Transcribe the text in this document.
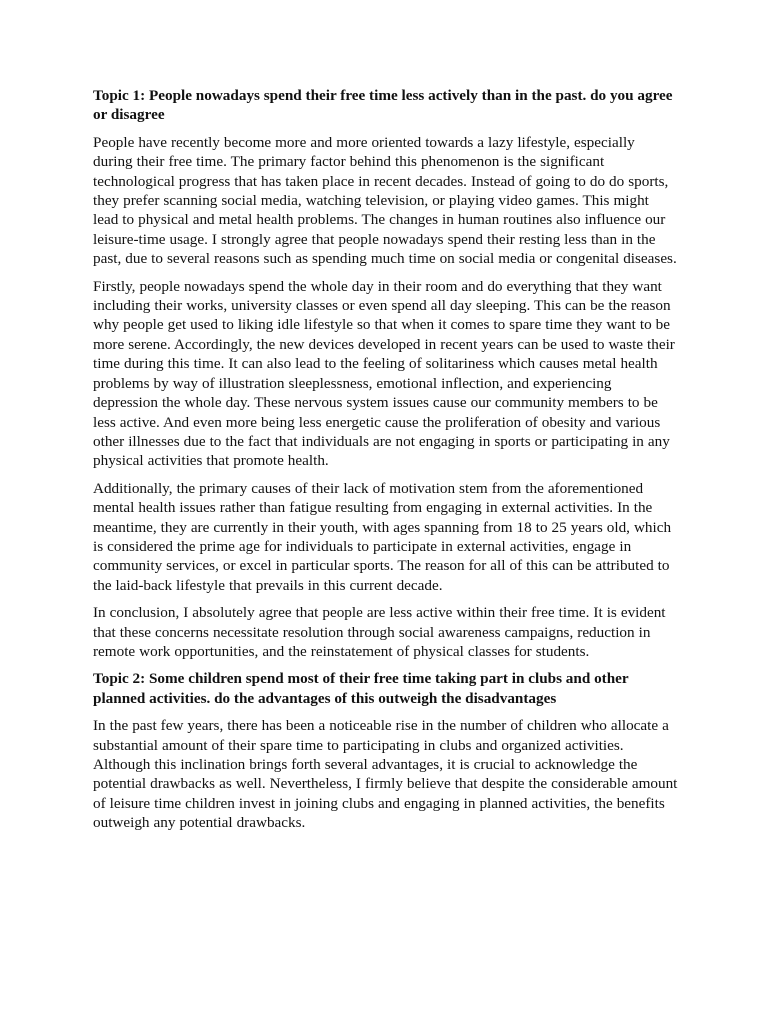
Topic 1: People nowadays spend their free time less actively than in the past. do you agree or disagree

People have recently become more and more oriented towards a lazy lifestyle, especially during their free time. The primary factor behind this phenomenon is the significant technological progress that has taken place in recent decades. Instead of going to do do sports, they prefer scanning social media, watching television, or playing video games. This might lead to physical and metal health problems. The changes in human routines also influence our leisure-time usage. I strongly agree that people nowadays spend their resting less than in the past, due to several reasons such as spending much time on social media or congenital diseases.

Firstly, people nowadays spend the whole day in their room and do everything that they want including their works, university classes or even spend all day sleeping. This can be the reason why people get used to liking idle lifestyle so that when it comes to spare time they want to be more serene. Accordingly, the new devices developed in recent years can be used to waste their time during this time. It can also lead to the feeling of solitariness which causes metal health problems by way of illustration sleeplessness, emotional inflection, and experiencing depression the whole day. These nervous system issues cause our community members to be less active. And even more being less energetic cause the proliferation of obesity and various other illnesses due to the fact that individuals are not engaging in sports or participating in any physical activities that promote health.

Additionally, the primary causes of their lack of motivation stem from the aforementioned mental health issues rather than fatigue resulting from engaging in external activities. In the meantime, they are currently in their youth, with ages spanning from 18 to 25 years old, which is considered the prime age for individuals to participate in external activities, engage in community services, or excel in particular sports. The reason for all of this can be attributed to the laid-back lifestyle that prevails in this current decade.

In conclusion, I absolutely agree that people are less active within their free time. It is evident that these concerns necessitate resolution through social awareness campaigns, reduction in remote work opportunities, and the reinstatement of physical classes for students.

Topic 2: Some children spend most of their free time taking part in clubs and other planned activities. do the advantages of this outweigh the disadvantages

In the past few years, there has been a noticeable rise in the number of children who allocate a substantial amount of their spare time to participating in clubs and organized activities. Although this inclination brings forth several advantages, it is crucial to acknowledge the potential drawbacks as well. Nevertheless, I firmly believe that despite the considerable amount of leisure time children invest in joining clubs and engaging in planned activities, the benefits outweigh any potential drawbacks.
